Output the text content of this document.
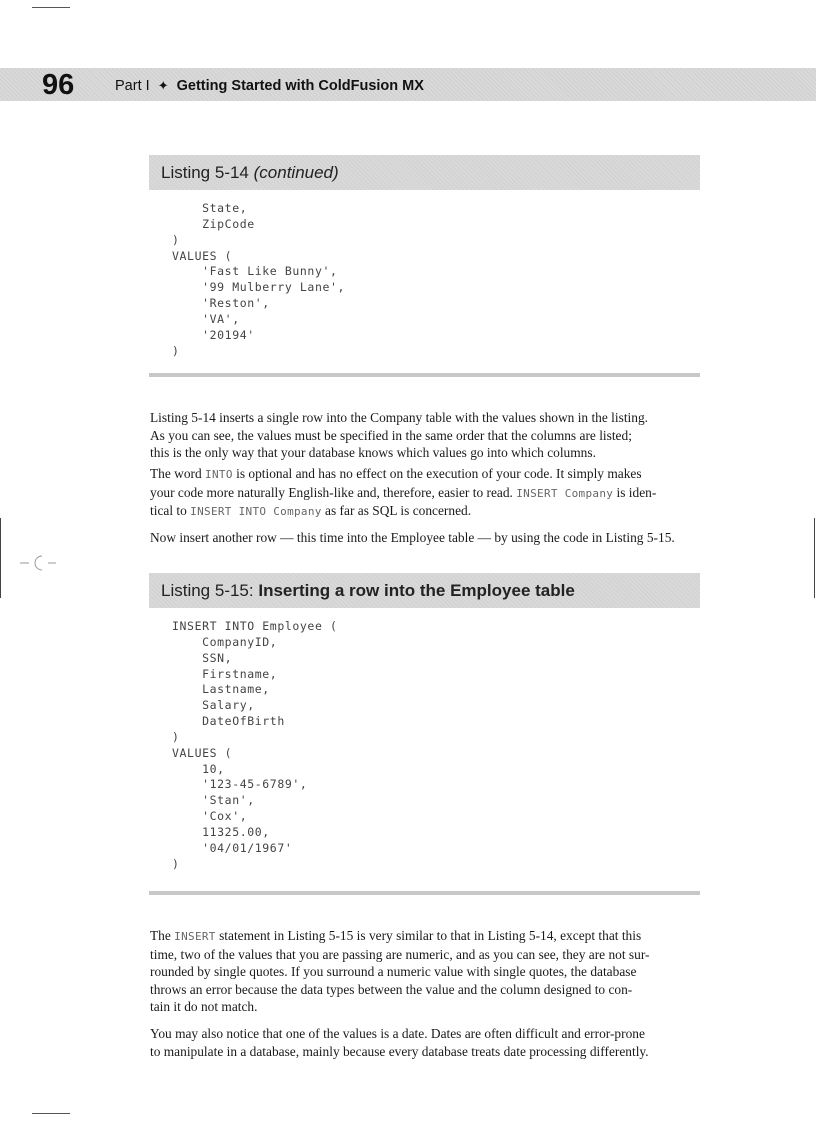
96	Part I ✦ Getting Started with ColdFusion MX
Listing 5-14 (continued)
State,
ZipCode
)
VALUES (
'Fast Like Bunny',
'99 Mulberry Lane',
'Reston',
'VA',
'20194'
)

Listing 5-14 inserts a single row into the Company table with the values shown in the listing.
As you can see, the values must be specified in the same order that the columns are listed;
this is the only way that your database knows which values go into which columns.

The word INTO is optional and has no effect on the execution of your code. It simply makes
your code more naturally English-like and, therefore, easier to read. INSERT Company is iden-
tical to INSERT INTO Company as far as SQL is concerned.

Now insert another row — this time into the Employee table — by using the code in Listing 5-15.

Listing 5-15: Inserting a row into the Employee table
INSERT INTO Employee (
CompanyID,
SSN,
Firstname,
Lastname,
Salary,
DateOfBirth
)
VALUES (
10,
'123-45-6789',
'Stan',
'Cox',
11325.00,
'04/01/1967'
)

The INSERT statement in Listing 5-15 is very similar to that in Listing 5-14, except that this
time, two of the values that you are passing are numeric, and as you can see, they are not sur-
rounded by single quotes. If you surround a numeric value with single quotes, the database
throws an error because the data types between the value and the column designed to con-
tain it do not match.

You may also notice that one of the values is a date. Dates are often difficult and error-prone
to manipulate in a database, mainly because every database treats date processing differently.
